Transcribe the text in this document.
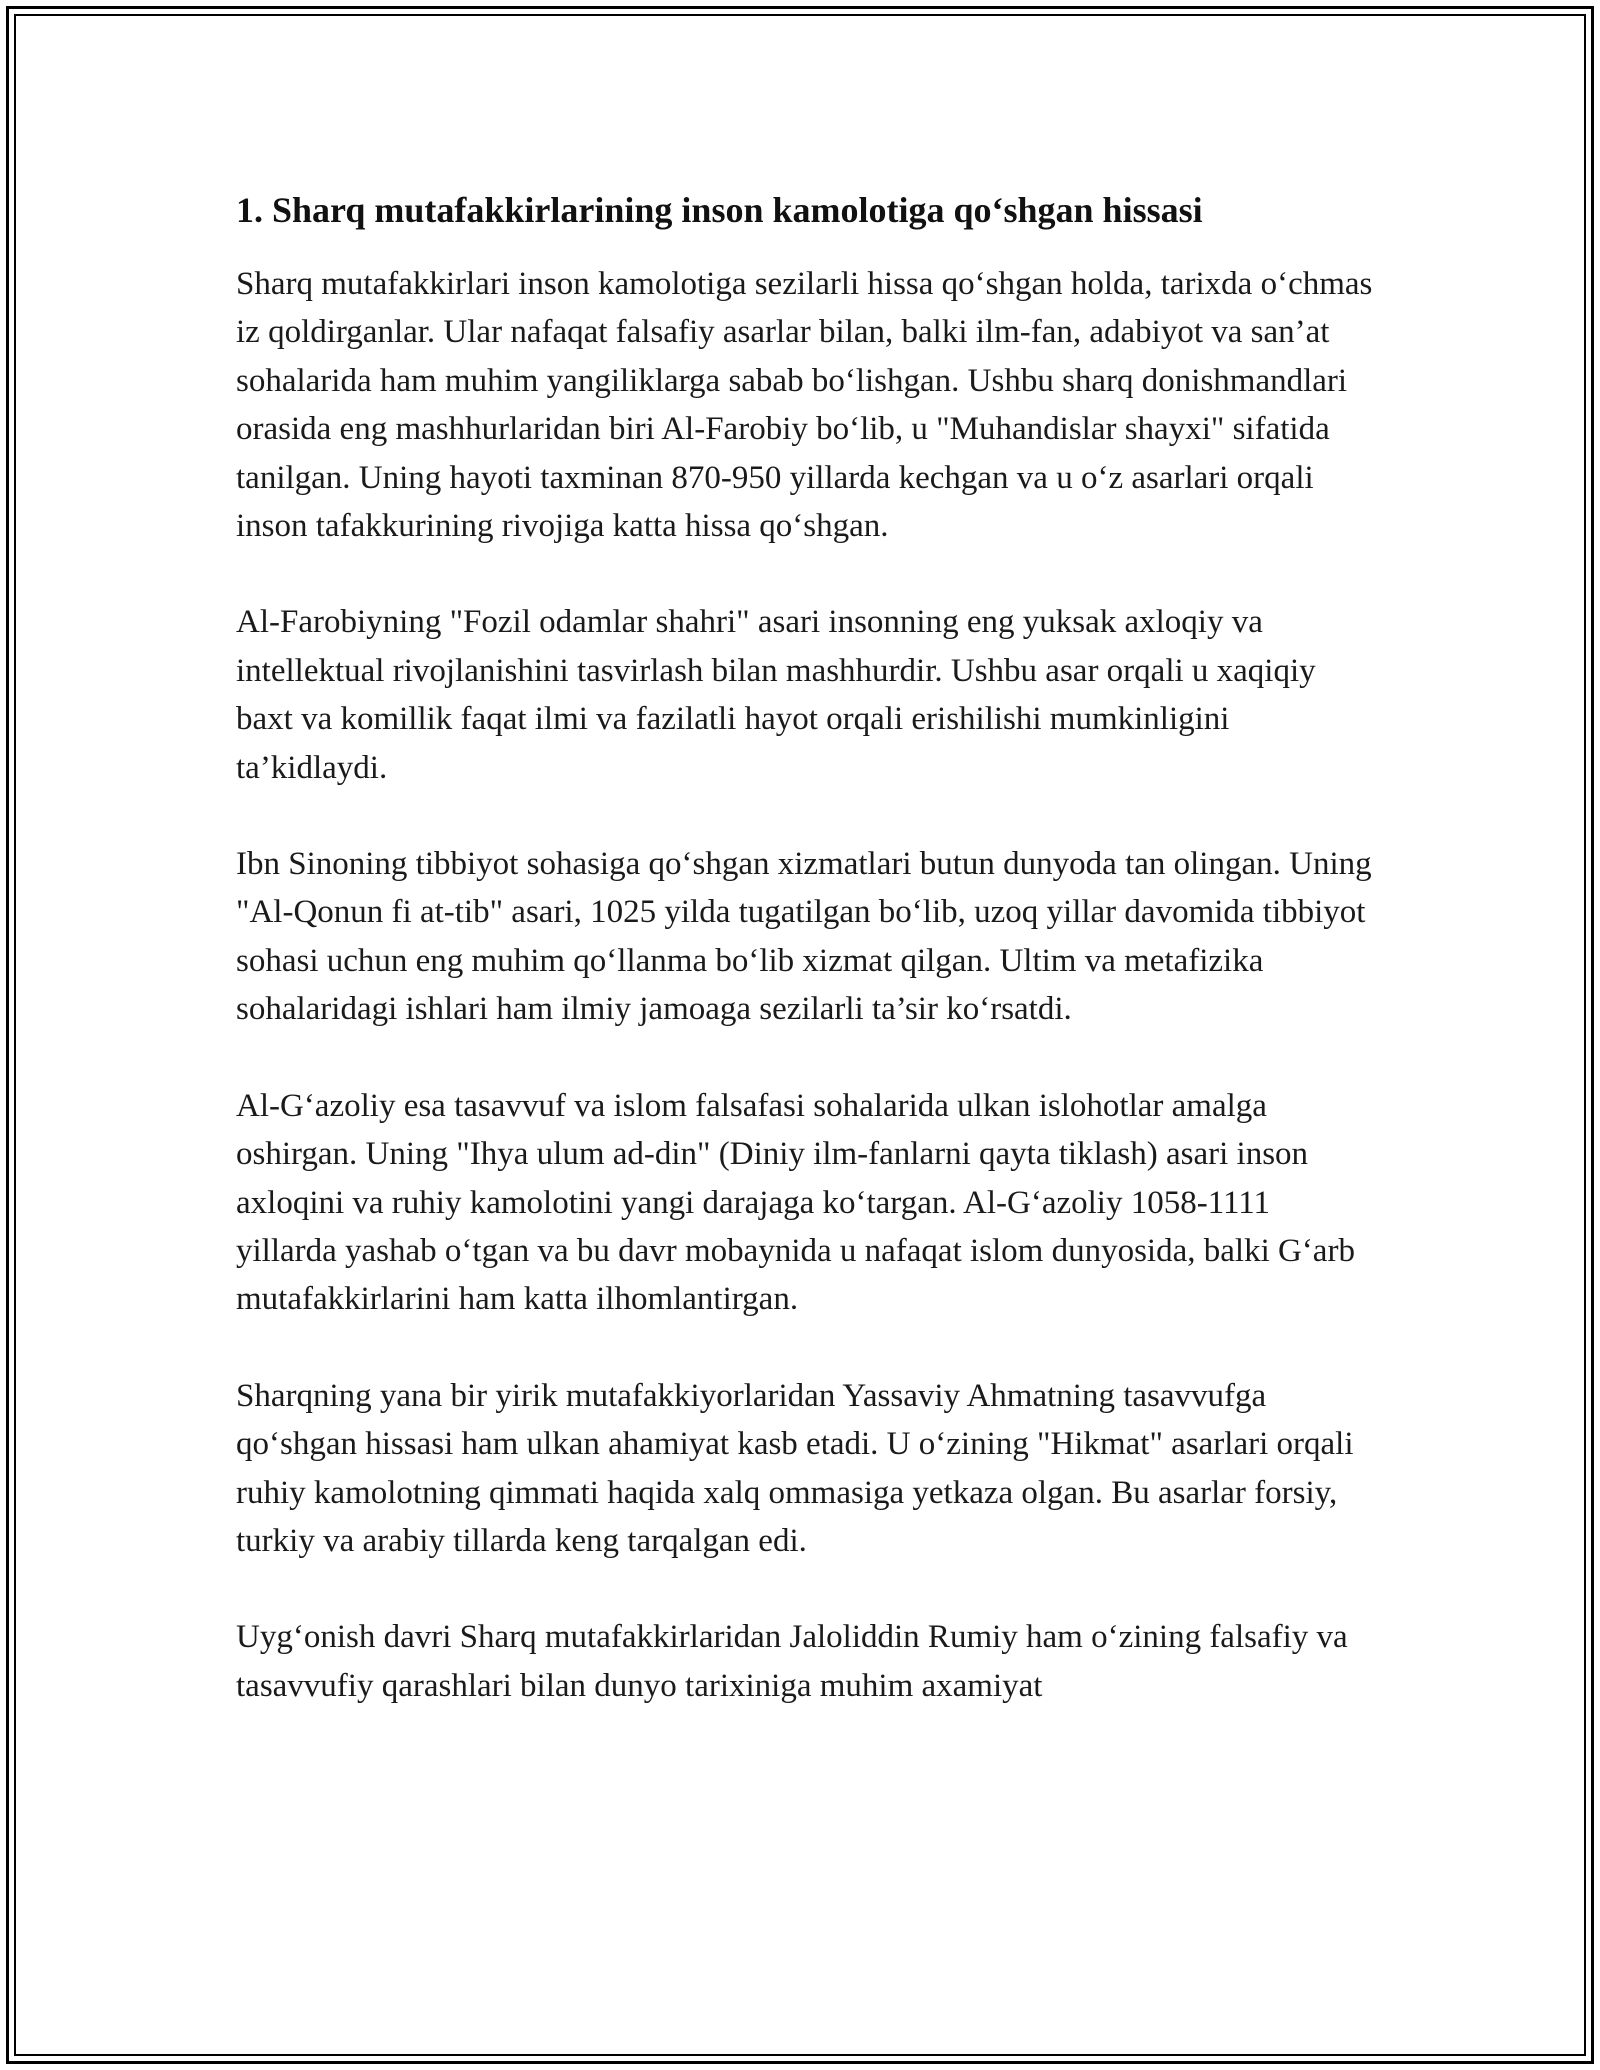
1. Sharq mutafakkirlarining inson kamolotiga qo‘shgan hissasi

Sharq mutafakkirlari inson kamolotiga sezilarli hissa qo‘shgan holda, tarixda o‘chmas iz qoldirganlar. Ular nafaqat falsafiy asarlar bilan, balki ilm-fan, adabiyot va san’at sohalarida ham muhim yangiliklarga sabab bo‘lishgan. Ushbu sharq donishmandlari orasida eng mashhurlaridan biri Al-Farobiy bo‘lib, u "Muhandislar shayxi" sifatida tanilgan. Uning hayoti taxminan 870-950 yillarda kechgan va u o‘z asarlari orqali inson tafakkurining rivojiga katta hissa qo‘shgan.

Al-Farobiyning "Fozil odamlar shahri" asari insonning eng yuksak axloqiy va intellektual rivojlanishini tasvirlash bilan mashhurdir. Ushbu asar orqali u xaqiqiy baxt va komillik faqat ilmi va fazilatli hayot orqali erishilishi mumkinligini ta’kidlaydi.

Ibn Sinoning tibbiyot sohasiga qo‘shgan xizmatlari butun dunyoda tan olingan. Uning "Al-Qonun fi at-tib" asari, 1025 yilda tugatilgan bo‘lib, uzoq yillar davomida tibbiyot sohasi uchun eng muhim qo‘llanma bo‘lib xizmat qilgan. Ultim va metafizika sohalaridagi ishlari ham ilmiy jamoaga sezilarli ta’sir ko‘rsatdi.

Al-G‘azoliy esa tasavvuf va islom falsafasi sohalarida ulkan islohotlar amalga oshirgan. Uning "Ihya ulum ad-din" (Diniy ilm-fanlarni qayta tiklash) asari inson axloqini va ruhiy kamolotini yangi darajaga ko‘targan. Al-G‘azoliy 1058-1111 yillarda yashab o‘tgan va bu davr mobaynida u nafaqat islom dunyosida, balki G‘arb mutafakkirlarini ham katta ilhomlantirgan.

Sharqning yana bir yirik mutafakkiyorlaridan Yassaviy Ahmatning tasavvufga qo‘shgan hissasi ham ulkan ahamiyat kasb etadi. U o‘zining "Hikmat" asarlari orqali ruhiy kamolotning qimmati haqida xalq ommasiga yetkaza olgan. Bu asarlar forsiy, turkiy va arabiy tillarda keng tarqalgan edi.

Uyg‘onish davri Sharq mutafakkirlaridan Jaloliddin Rumiy ham o‘zining falsafiy va tasavvufiy qarashlari bilan dunyo tarixiniga muhim axamiyat
